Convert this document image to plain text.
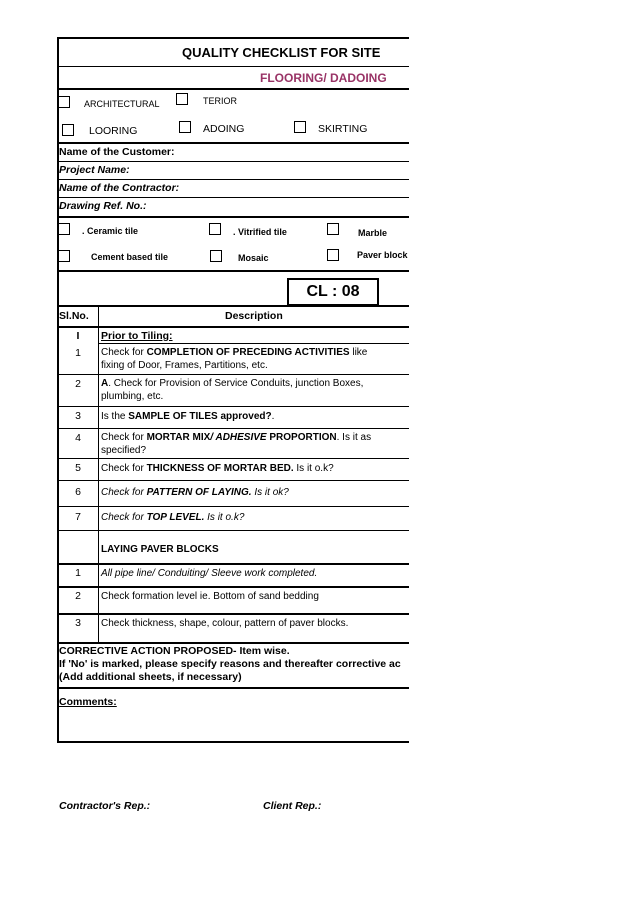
QUALITY CHECKLIST FOR SITE
FLOORING/ DADOING
ARCHITECTURAL	TERIOR
LOORING	ADOING	SKIRTING
Name of the Customer:
Project Name:
Name of the Contractor:
Drawing Ref. No.:
. Ceramic tile	. Vitrified tile	Marble
Cement based tile	Mosaic	Paver block
CL : 08
Sl.No.	Description
I	Prior to Tiling:
1	Check for COMPLETION OF PRECEDING ACTIVITIES like
fixing of Door, Frames, Partitions, etc.
2	A. Check for Provision of Service Conduits, junction Boxes,
plumbing, etc.
3	Is the SAMPLE OF TILES approved?.
4	Check for MORTAR MIX/ ADHESIVE PROPORTION. Is it as
specified?
5	Check for THICKNESS OF MORTAR BED. Is it o.k?
6	Check for PATTERN OF LAYING. Is it ok?
7	Check for TOP LEVEL. Is it o.k?
LAYING PAVER BLOCKS
1	All pipe line/ Conduiting/ Sleeve work completed.
2	Check formation level ie. Bottom of sand bedding
3	Check thickness, shape, colour, pattern of paver blocks.
CORRECTIVE ACTION PROPOSED- Item wise.
If 'No' is marked, please specify reasons and thereafter corrective ac
(Add additional sheets, if necessary)
Comments:
Contractor's Rep.:	Client Rep.:
